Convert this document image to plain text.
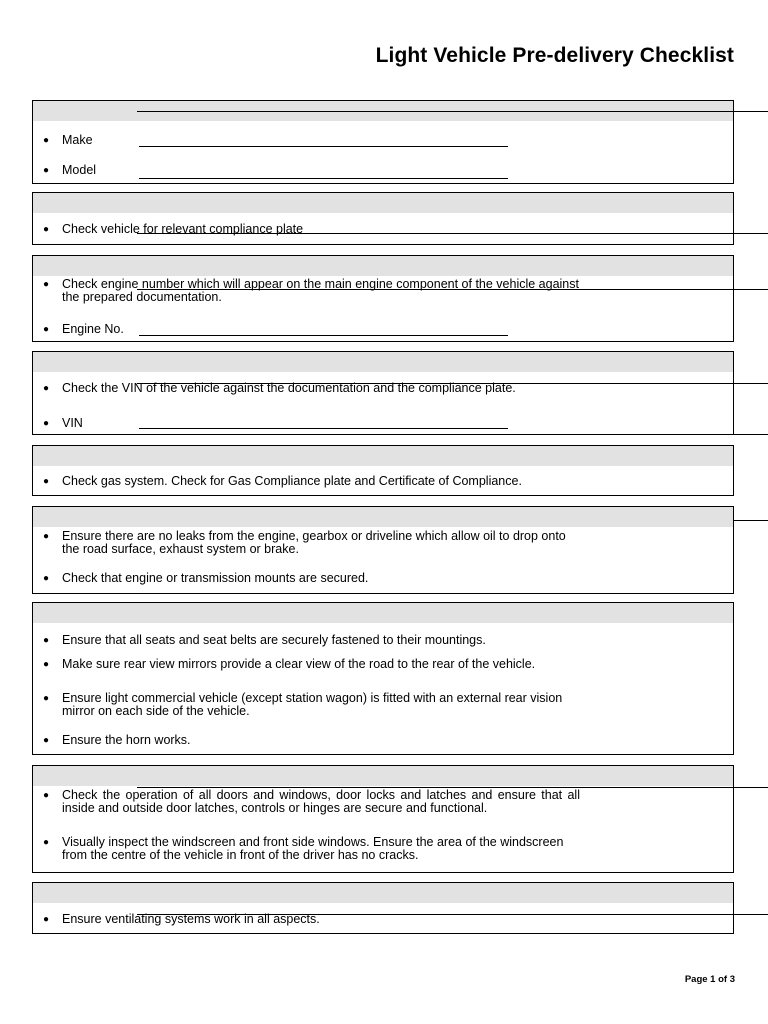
Light Vehicle Pre-delivery Checklist
● Make
● Model
● Check vehicle for relevant compliance plate
● Check engine number which will appear on the main engine component of the vehicle against the prepared documentation.
● Engine No.
● Check the VIN of the vehicle against the documentation and the compliance plate.
● VIN
● Check gas system. Check for Gas Compliance plate and Certificate of Compliance.
● Ensure there are no leaks from the engine, gearbox or driveline which allow oil to drop onto the road surface, exhaust system or brake.
● Check that engine or transmission mounts are secured.
● Ensure that all seats and seat belts are securely fastened to their mountings.
● Make sure rear view mirrors provide a clear view of the road to the rear of the vehicle.
● Ensure light commercial vehicle (except station wagon) is fitted with an external rear vision mirror on each side of the vehicle.
● Ensure the horn works.
● Check the operation of all doors and windows, door locks and latches and ensure that all inside and outside door latches, controls or hinges are secure and functional.
● Visually inspect the windscreen and front side windows. Ensure the area of the windscreen from the centre of the vehicle in front of the driver has no cracks.
● Ensure ventilating systems work in all aspects.
Page 1 of 3
